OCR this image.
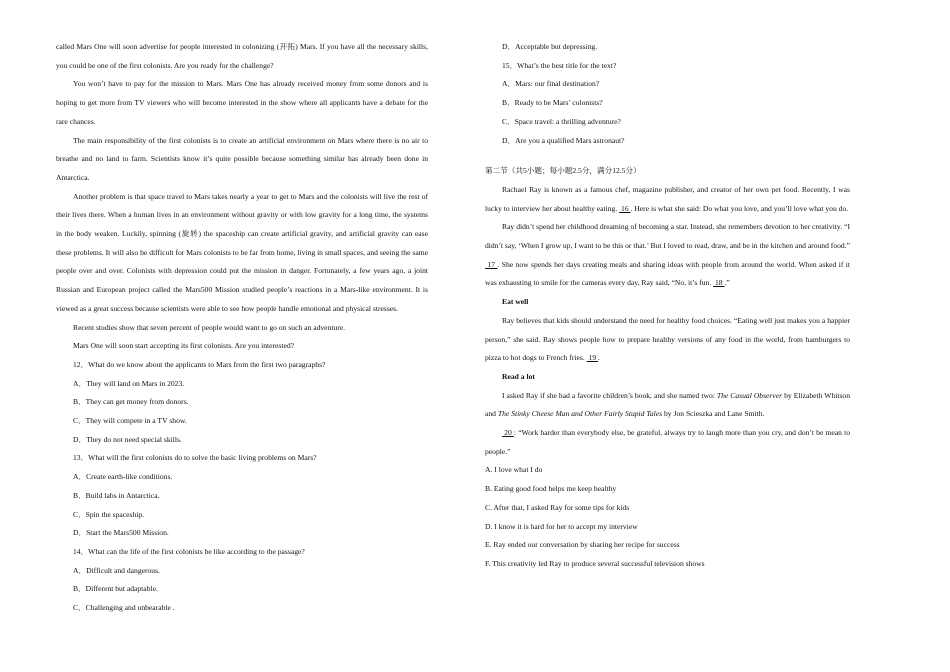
called Mars One will soon advertise for people interested in colonizing (开拓) Mars. If you have all the necessary skills, you could be one of the first colonists. Are you ready for the challenge?

You won’t have to pay for the mission to Mars. Mars One has already received money from some donors and is hoping to get more from TV viewers who will become interested in the show where all applicants have a debate for the rare chances.

The main responsibility of the first colonists is to create an artificial environment on Mars where there is no air to breathe and no land to farm. Scientists know it’s quite possible because something similar has already been done in Antarctica.

Another problem is that space travel to Mars takes nearly a year to get to Mars and the colonists will live the rest of their lives there. When a human lives in an environment without gravity or with low gravity for a long time, the systems in the body weaken. Luckily, spinning (旋转) the spaceship can create artificial gravity, and artificial gravity can ease these problems. It will also be difficult for Mars colonists to be far from home, living in small spaces, and seeing the same people over and over. Colonists with depression could put the mission in danger. Fortunately, a few years ago, a joint Russian and European project called the Mars500 Mission studied people’s reactions in a Mars-like environment. It is viewed as a great success because scientists were able to see how people handle emotional and physical stresses.

Recent studies show that seven percent of people would want to go on such an adventure.

Mars One will soon start accepting its first colonists. Are you interested?

12．What do we know about the applicants to Mars from the first two paragraphs?

A．They will land on Mars in 2023.

B．They can get money from donors.

C．They will compete in a TV show.

D．They do not need special skills.

13．What will the first colonists do to solve the basic living problems on Mars?

A．Create earth-like conditions.

B．Build labs in Antarctica.

C．Spin the spaceship.

D．Start the Mars500 Mission.

14．What can the life of the first colonists be like according to the passage?

A．Difficult and dangerous.

B．Different but adaptable.

C．Challenging and unbearable .

D．Acceptable but depressing.

15．What’s the best title for the text?

A．Mars: our final destination?

B．Ready to be Mars’ colonists?

C．Space travel: a thrilling adventure?

D．Are you a qualified Mars astronaut?

第二节（共5小题；每小题2.5分，满分12.5分）

Rachael Ray is known as a famous chef, magazine publisher, and creator of her own pet food. Recently, I was lucky to interview her about healthy eating.  16 . Here is what she said: Do what you love, and you’ll love what you do.

Ray didn’t spend her childhood dreaming of becoming a star. Instead, she remembers devotion to her creativity. “I didn’t say, ‘When I grow up, I want to be this or that.’ But I loved to read, draw, and be in the kitchen and around food.”  17 . She now spends her days creating meals and sharing ideas with people from around the world. When asked if it was exhausting to smile for the cameras every day, Ray said, “No, it’s fun.  18 .”

Eat well

Ray believes that kids should understand the need for healthy food choices. “Eating well just makes you a happier person,” she said. Ray shows people how to prepare healthy versions of any food in the world, from hamburgers to pizza to hot dogs to French fries.  19 .

Read a lot

I asked Ray if she had a favorite children’s book, and she named two: The Casual Observer by Elizabeth Whitson and The Stinky Cheese Man and Other Fairly Stupid Tales by Jon Scieszka and Lane Smith.

20 : “Work harder than everybody else, be grateful, always try to laugh more than you cry, and don’t be mean to people.”

A. I love what I do

B. Eating good food helps me keep healthy

C. After that, I asked Ray for some tips for kids

D. I know it is hard for her to accept my interview

E. Ray ended our conversation by sharing her recipe for success

F. This creativity led Ray to produce several successful television shows
